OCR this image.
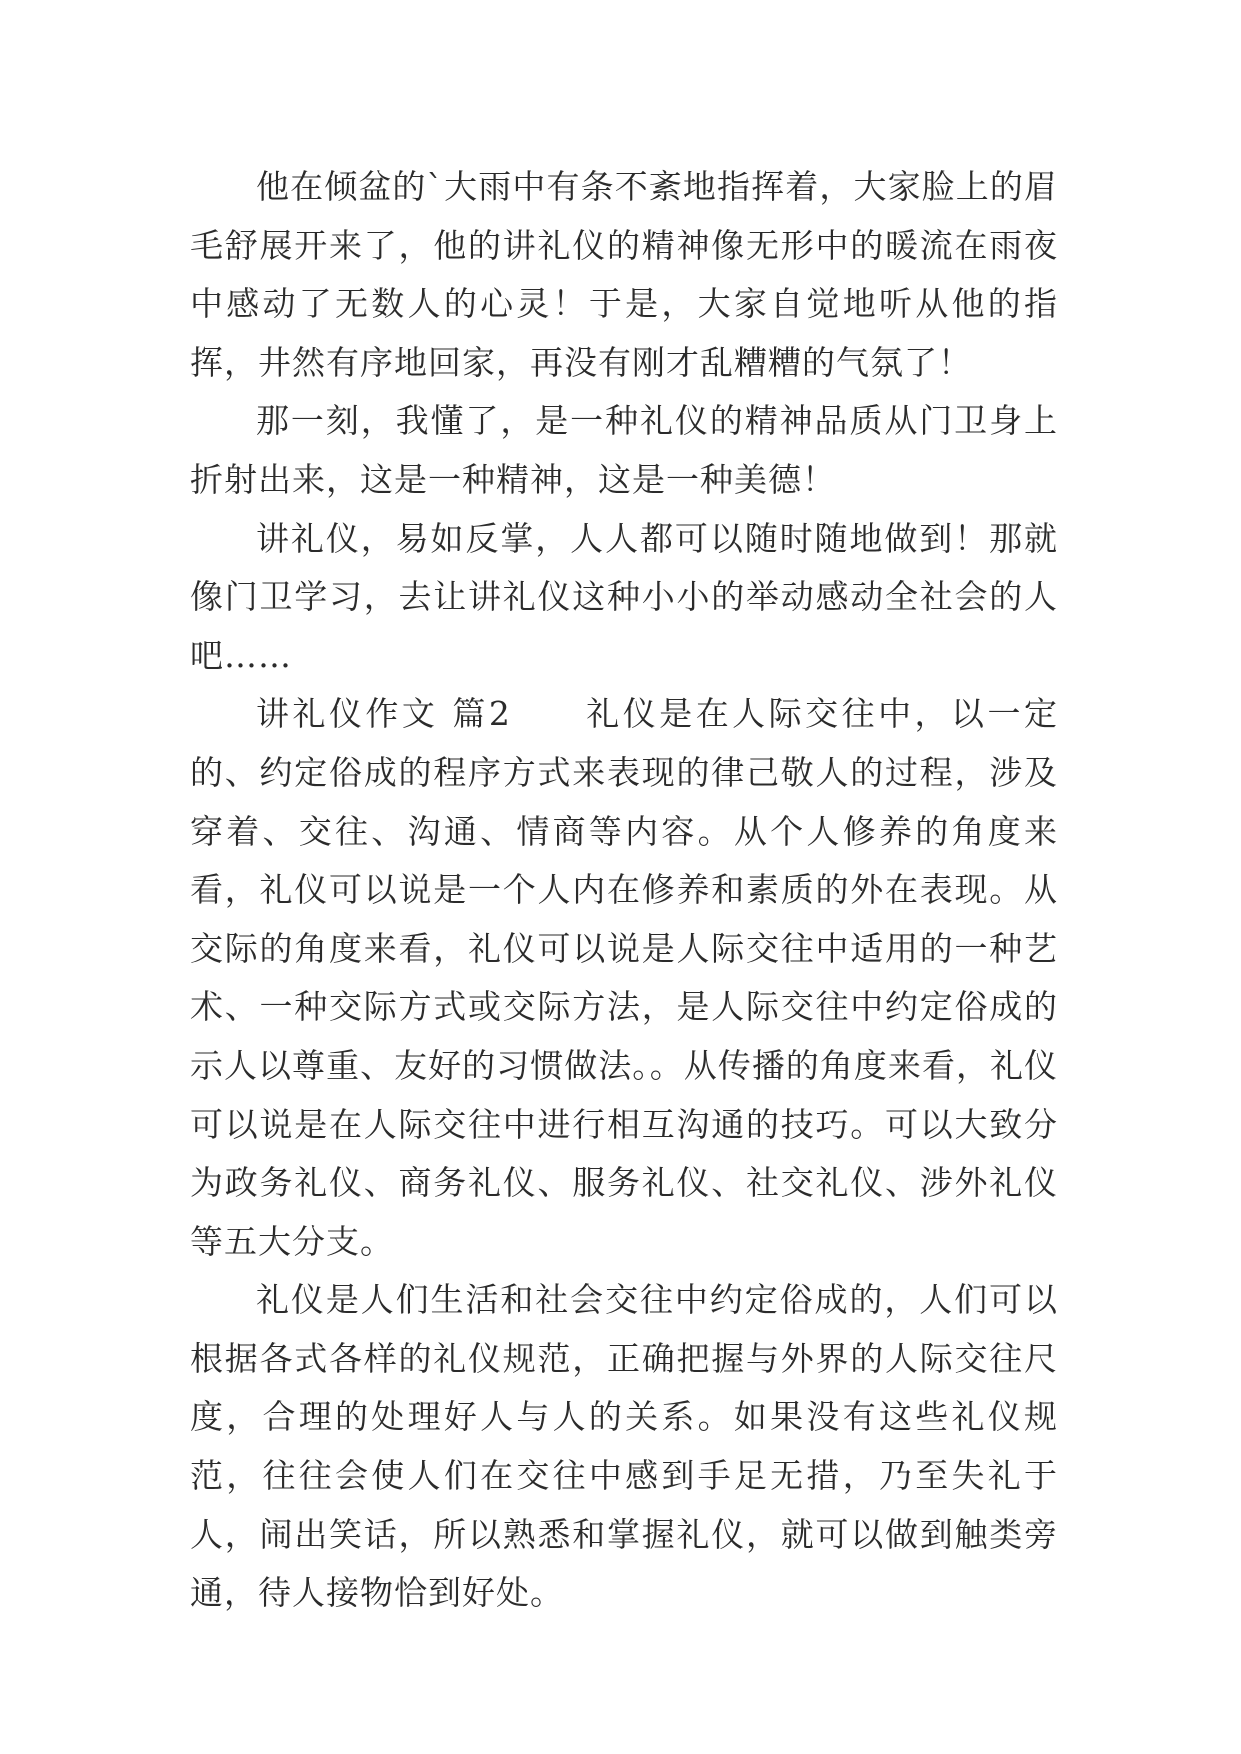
他在倾盆的`大雨中有条不紊地指挥着，大家脸上的眉毛舒展开来了，他的讲礼仪的精神像无形中的暖流在雨夜中感动了无数人的心灵！于是，大家自觉地听从他的指挥，井然有序地回家，再没有刚才乱糟糟的气氛了！

那一刻，我懂了，是一种礼仪的精神品质从门卫身上折射出来，这是一种精神，这是一种美德！

讲礼仪，易如反掌，人人都可以随时随地做到！那就像门卫学习，去让讲礼仪这种小小的举动感动全社会的人吧……

讲礼仪作文 篇2　　礼仪是在人际交往中，以一定的、约定俗成的程序方式来表现的律己敬人的过程，涉及穿着、交往、沟通、情商等内容。从个人修养的角度来看，礼仪可以说是一个人内在修养和素质的外在表现。从交际的角度来看，礼仪可以说是人际交往中适用的一种艺术、一种交际方式或交际方法，是人际交往中约定俗成的示人以尊重、友好的习惯做法。。从传播的角度来看，礼仪可以说是在人际交往中进行相互沟通的技巧。可以大致分为政务礼仪、商务礼仪、服务礼仪、社交礼仪、涉外礼仪等五大分支。

礼仪是人们生活和社会交往中约定俗成的，人们可以根据各式各样的礼仪规范，正确把握与外界的人际交往尺度，合理的处理好人与人的关系。如果没有这些礼仪规范，往往会使人们在交往中感到手足无措，乃至失礼于人，闹出笑话，所以熟悉和掌握礼仪，就可以做到触类旁通，待人接物恰到好处。
